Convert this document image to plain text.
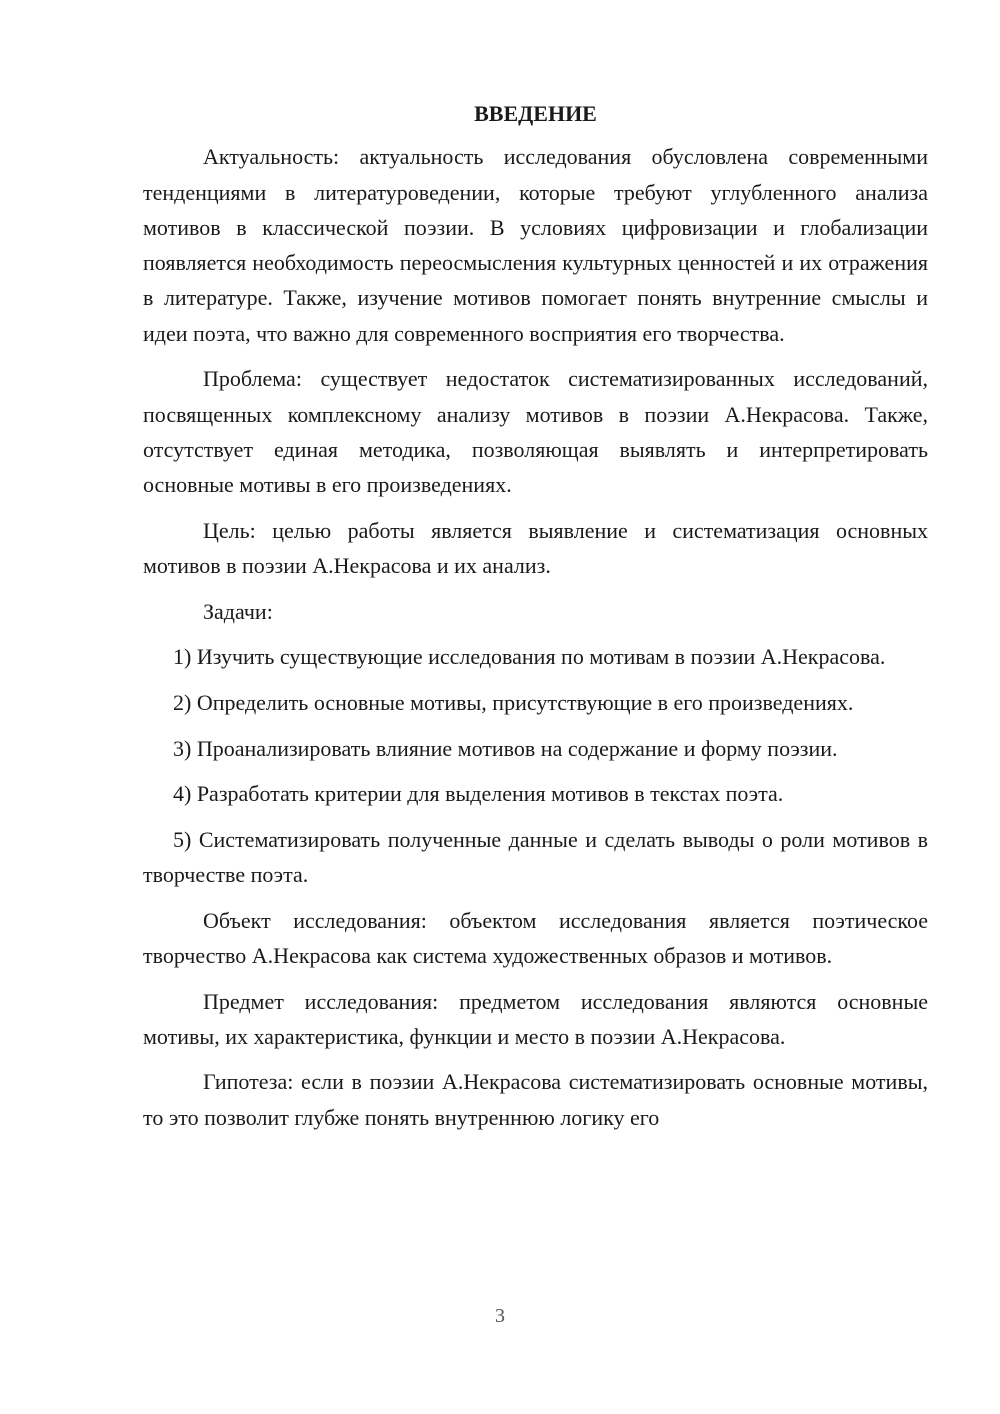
ВВЕДЕНИЕ

Актуальность: актуальность исследования обусловлена современными тенденциями в литературоведении, которые требуют углубленного анализа мотивов в классической поэзии. В условиях цифровизации и глобализации появляется необходимость переосмысления культурных ценностей и их отражения в литературе. Также, изучение мотивов помогает понять внутренние смыслы и идеи поэта, что важно для современного восприятия его творчества.

Проблема: существует недостаток систематизированных исследований, посвященных комплексному анализу мотивов в поэзии А.Некрасова. Также, отсутствует единая методика, позволяющая выявлять и интерпретировать основные мотивы в его произведениях.

Цель: целью работы является выявление и систематизация основных мотивов в поэзии А.Некрасова и их анализ.

Задачи:

1) Изучить существующие исследования по мотивам в поэзии А.Некрасова.

2) Определить основные мотивы, присутствующие в его произведениях.

3) Проанализировать влияние мотивов на содержание и форму поэзии.

4) Разработать критерии для выделения мотивов в текстах поэта.

5) Систематизировать полученные данные и сделать выводы о роли мотивов в творчестве поэта.

Объект исследования: объектом исследования является поэтическое творчество А.Некрасова как система художественных образов и мотивов.

Предмет исследования: предметом исследования являются основные мотивы, их характеристика, функции и место в поэзии А.Некрасова.

Гипотеза: если в поэзии А.Некрасова систематизировать основные мотивы, то это позволит глубже понять внутреннюю логику его

3
